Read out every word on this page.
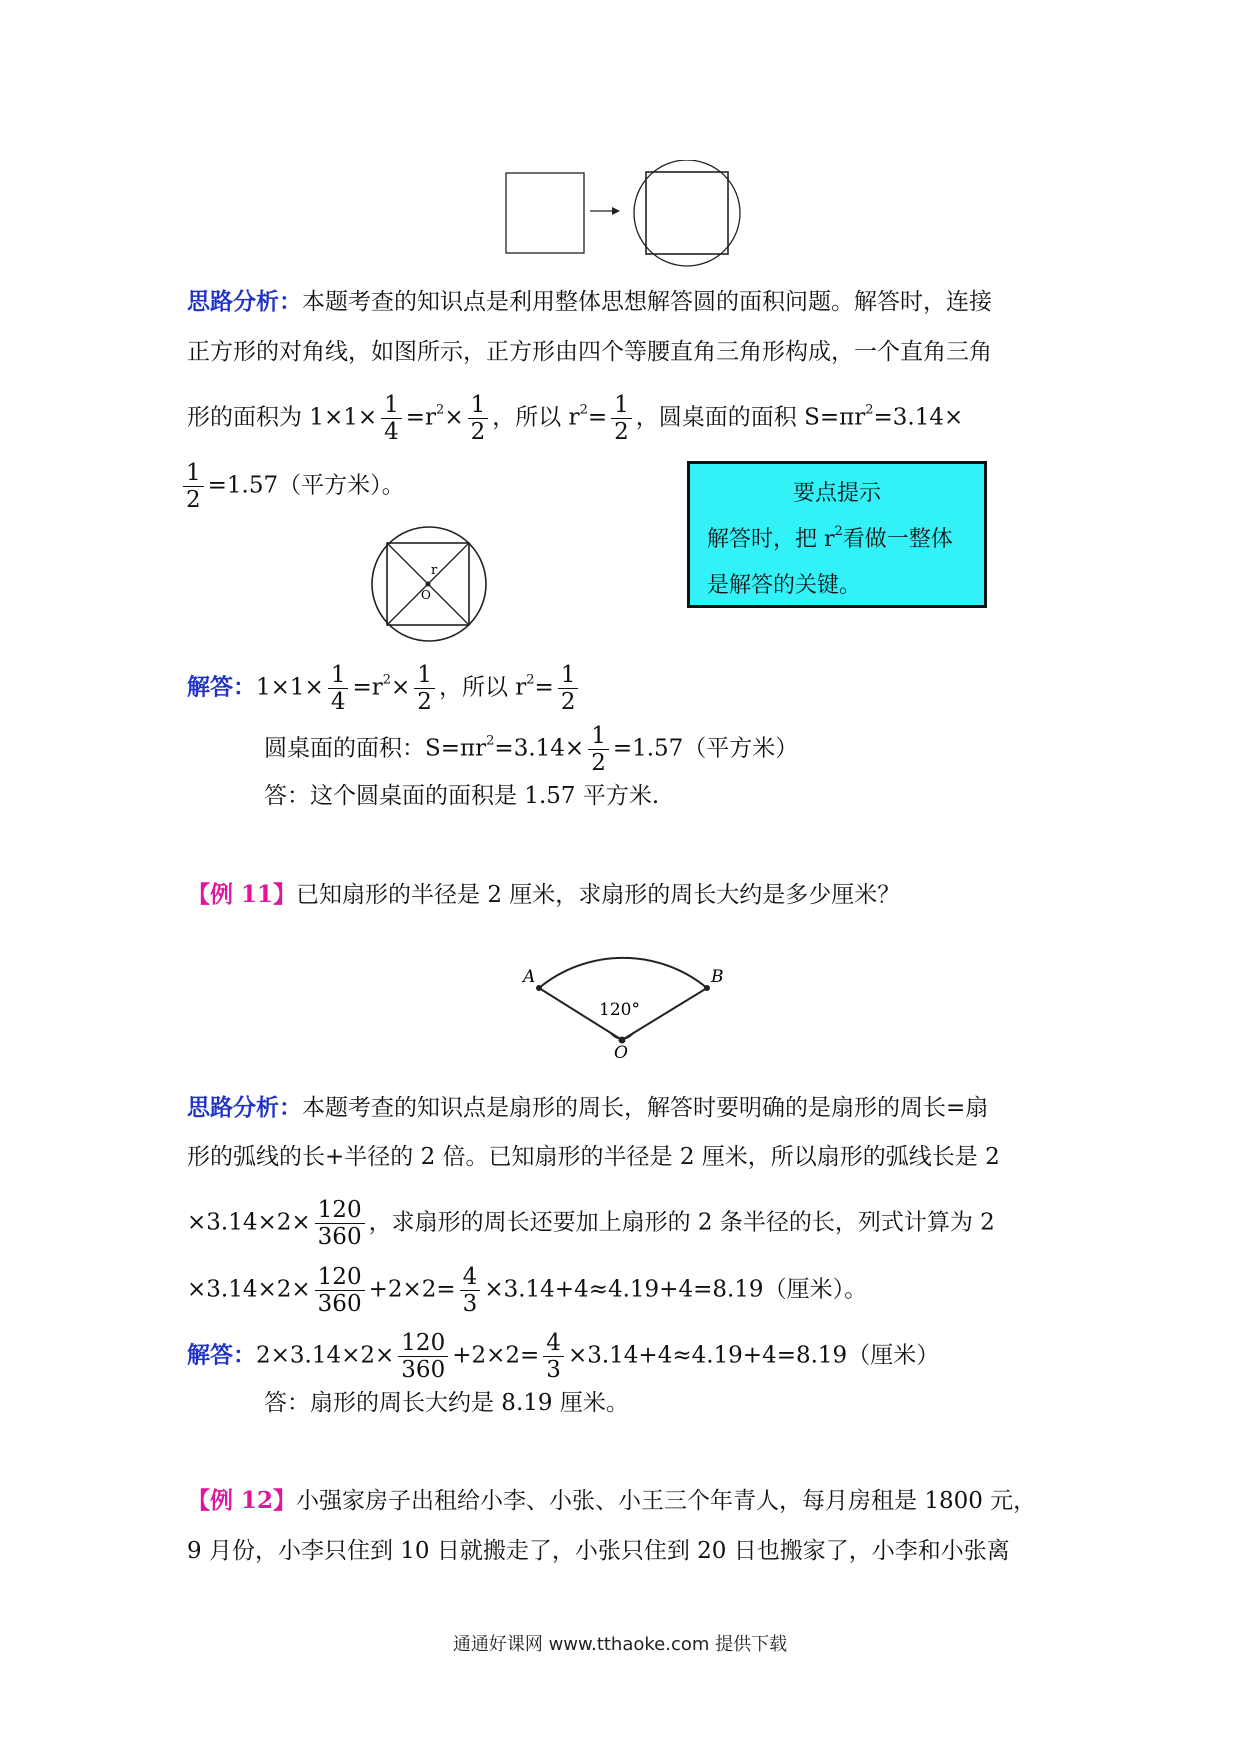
思路分析：本题考查的知识点是利用整体思想解答圆的面积问题。解答时，连接
正方形的对角线，如图所示，正方形由四个等腰直角三角形构成，一个直角三角
形的面积为 $1\times 1\times \frac{1}{4} =r^2\times \frac{1}{2}$ ，所以 $r^2= \frac{1}{2}$ ，圆桌面的面积 $S=\pi r^2=3.14\times$
$\frac{1}{2} =1.57$（平方米）。	要点提示
解答时，把 $r^2$看做一整体
是解答的关键。
r
O
解答：$1\times 1\times \frac{1}{4} =r^2\times \frac{1}{2}$ ，所以 $r^2= \frac{1}{2}$
圆桌面的面积：$S=\pi r^2=3.14\times \frac{1}{2} =1.57$（平方米）
答：这个圆桌面的面积是 1.57 平方米.
【例 11】已知扇形的半径是 2 厘米，求扇形的周长大约是多少厘米？
A	B
O
120°
思路分析：本题考查的知识点是扇形的周长，解答时要明确的是扇形的周长=扇
形的弧线的长+半径的 2 倍。已知扇形的半径是 2 厘米，所以扇形的弧线长是 2
$\times 3.14\times 2\times \frac{120}{360}$ ，求扇形的周长还要加上扇形的 2 条半径的长，列式计算为 2
$\times 3.14\times 2\times \frac{120}{360} +2\times 2= \frac{4}{3} \times 3.14+4\approx 4.19+4=8.19$（厘米）。
解答：$2\times 3.14\times 2\times \frac{120}{360} +2\times 2= \frac{4}{3} \times 3.14+4\approx 4.19+4=8.19$（厘米）
答：扇形的周长大约是 8.19 厘米。
【例 12】小强家房子出租给小李、小张、小王三个年青人，每月房租是 1800 元，
9 月份，小李只住到 10 日就搬走了，小张只住到 20 日也搬家了，小李和小张离
通通好课网 www.tthaoke.com 提供下载
